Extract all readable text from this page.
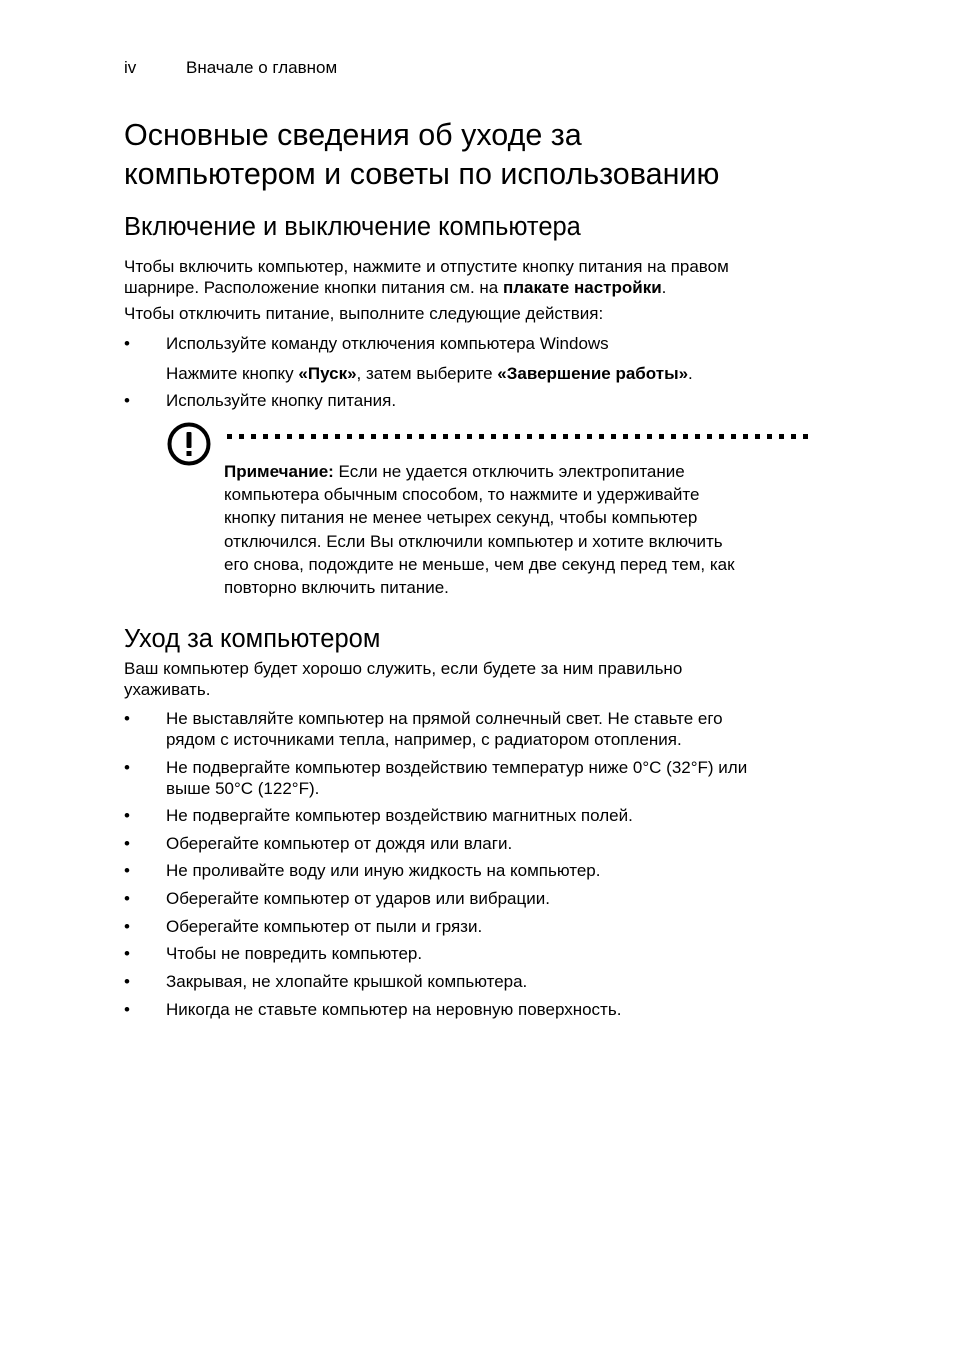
iv	Вначале о главном
Основные сведения об уходе за
компьютером и советы по использованию
Включение и выключение компьютера

Чтобы включить компьютер, нажмите и отпустите кнопку питания на правом
шарнире. Расположение кнопки питания см. на плакате настройки.

Чтобы отключить питание, выполните следующие действия:

•	Используйте команду отключения компьютера Windows
Нажмите кнопку «Пуск», затем выберите «Завершение работы».
•	Используйте кнопку питания.
Примечание: Если не удается отключить электропитание
компьютера обычным способом, то нажмите и удерживайте
кнопку питания не менее четырех секунд, чтобы компьютер
отключился. Если Вы отключили компьютер и хотите включить
его снова, подождите не меньше, чем две секунд перед тем, как
повторно включить питание.
Уход за компьютером

Ваш компьютер будет хорошо служить, если будете за ним правильно
ухаживать.

•	Не выставляйте компьютер на прямой солнечный свет. Не ставьте его
рядом с источниками тепла, например, с радиатором отопления.
•	Не подвергайте компьютер воздействию температур ниже 0°C (32°F) или
выше 50°C (122°F).
•	Не подвергайте компьютер воздействию магнитных полей.
•	Оберегайте компьютер от дождя или влаги.
•	Не проливайте воду или иную жидкость на компьютер.
•	Оберегайте компьютер от ударов или вибрации.
•	Оберегайте компьютер от пыли и грязи.
•	Чтобы не повредить компьютер.
•	Закрывая, не хлопайте крышкой компьютера.
•	Никогда не ставьте компьютер на неровную поверхность.
